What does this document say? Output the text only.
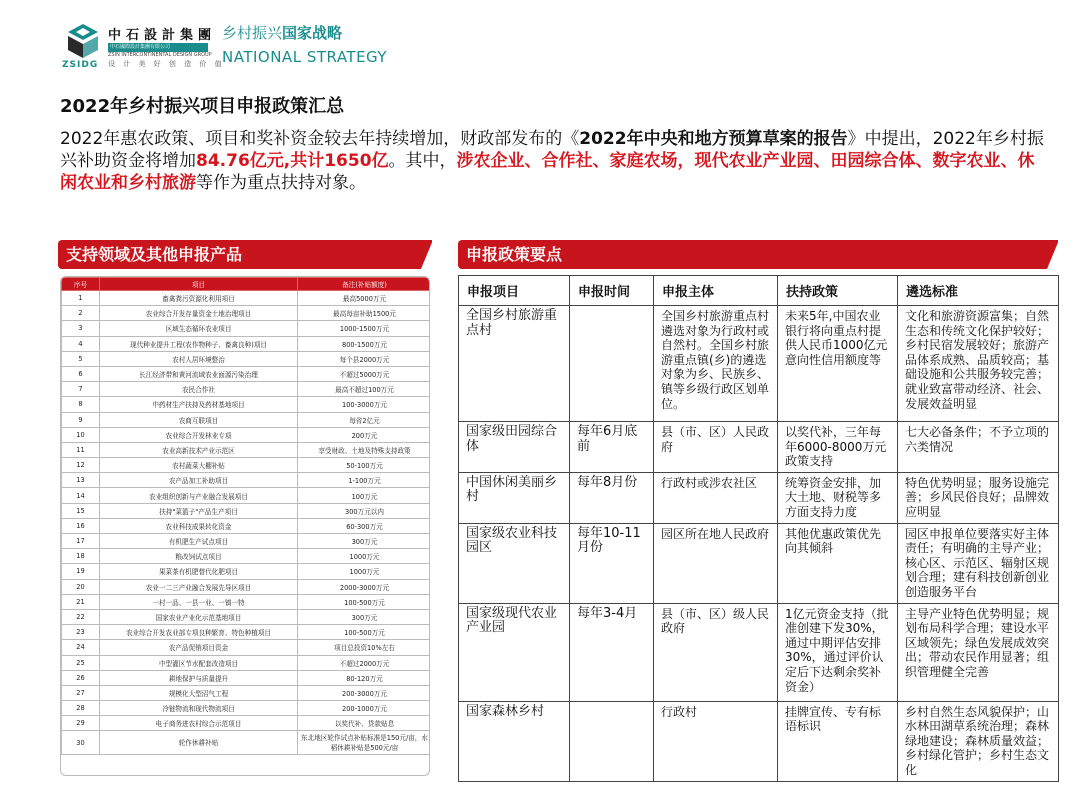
ZSIDG
中石設計集團
中石國際設計集團有限公司
ZSIN INTERCONTINENTAL DESIGN GROUP
设 计 美 好 创 造 价 值
乡村振兴国家战略
NATIONAL STRATEGY
2022年乡村振兴项目申报政策汇总
2022年惠农政策、项目和奖补资金较去年持续增加，财政部发布的《2022年中央和地方预算草案的报告》中提出，2022年乡村振兴补助资金将增加84.76亿元,共计1650亿。其中，涉农企业、合作社、家庭农场，现代农业产业园、田园综合体、数字农业、休闲农业和乡村旅游等作为重点扶持对象。
支持领域及其他申报产品
序号	项目	备注(补贴额度)
1	畜禽粪污资源化利用项目	最高5000万元
2	农业综合开发存量资金土地治理项目	最高每亩补助1500元
3	区域生态循环农业项目	1000-1500万元
4	现代种业提升工程(农作物种子、畜禽良种)项目	800-1500万元
5	农村人居环境整治	每个县2000万元
6	长江经济带和黄河流域农业面源污染治理	不超过5000万元
7	农民合作社	最高不超过100万元
8	中药材生产扶持及药材基地项目	100-3000万元
9	农商互联项目	每省2亿元
10	农业综合开发林业专项	200万元
11	农业高新技术产业示范区	享受财政、土地及特殊支持政策
12	农村蔬菜大棚补贴	50-100万元
13	农产品加工补助项目	1-100万元
14	农业组织创新与产业融合发展项目	100万元
15	扶持"菜篮子"产品生产项目	300万元以内
16	农业科技成果转化资金	60-300万元
17	有机肥生产试点项目	300万元
18	粮改饲试点项目	1000万元
19	果菜茶有机肥替代化肥项目	1000万元
20	农业一二三产业融合发展先导区项目	2000-3000万元
21	一村一品、一县一业、一镇一特	100-500万元
22	国家农业产业化示范基地项目	300万元
23	农业综合开发农业部专项良种繁育、特色种植项目	100-500万元
24	农产品促销项目资金	项目总投资10%左右
25	中型灌区节水配套改造项目	不超过2000万元
26	耕地保护与质量提升	80-120万元
27	规模化大型沼气工程	200-3000万元
28	冷链物流和现代物流项目	200-1000万元
29	电子商务进农村综合示范项目	以奖代补、贷款贴息
30	轮作休耕补贴	东北地区轮作试点补贴标准是150元/亩，水稻休耕补贴是500元/亩
申报政策要点
申报项目	申报时间	申报主体	扶持政策	遴选标准
全国乡村旅游重点村		全国乡村旅游重点村遴选对象为行政村或自然村。全国乡村旅游重点镇(乡)的遴选对象为乡、民族乡、镇等乡级行政区划单位。	未来5年,中国农业银行将向重点村提供人民币1000亿元意向性信用额度等	文化和旅游资源富集；自然生态和传统文化保护较好；乡村民宿发展较好；旅游产品体系成熟、品质较高；基础设施和公共服务较完善；就业致富带动经济、社会、发展效益明显
国家级田园综合体	每年6月底前	县（市、区）人民政府	以奖代补，三年每年6000-8000万元政策支持	七大必备条件；不予立项的六类情况
中国休闲美丽乡村	每年8月份	行政村或涉农社区	统筹资金安排，加大土地、财税等多方面支持力度	特色优势明显；服务设施完善；乡风民俗良好；品牌效应明显
国家级农业科技园区	每年10-11月份	园区所在地人民政府	其他优惠政策优先向其倾斜	园区申报单位要落实好主体责任；有明确的主导产业；核心区、示范区、辐射区规划合理；建有科技创新创业创造服务平台
国家级现代农业产业园	每年3-4月	县（市、区）级人民政府	1亿元资金支持（批准创建下发30%，通过中期评估安排30%，通过评价认定后下达剩余奖补资金）	主导产业特色优势明显；规划布局科学合理；建设水平区域领先；绿色发展成效突出；带动农民作用显著；组织管理健全完善
国家森林乡村		行政村	挂牌宣传、专有标语标识	乡村自然生态风貌保护；山水林田湖草系统治理；森林绿地建设；森林质量效益；乡村绿化管护；乡村生态文化
